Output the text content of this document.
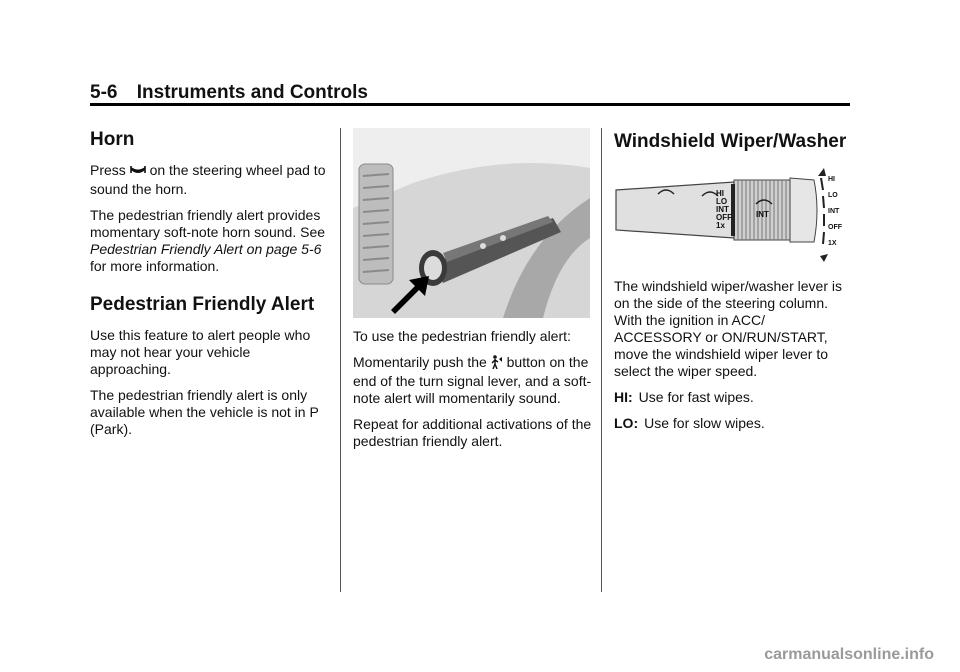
5-6 Instruments and Controls
Horn

Press on the steering wheel pad to sound the horn.

The pedestrian friendly alert provides momentary soft-note horn sound. See Pedestrian Friendly Alert on page 5-6 for more information.

Pedestrian Friendly Alert

Use this feature to alert people who may not hear your vehicle approaching.

The pedestrian friendly alert is only available when the vehicle is not in P (Park).

To use the pedestrian friendly alert:

Momentarily push the button on the end of the turn signal lever, and a soft-note alert will momentarily sound.

Repeat for additional activations of the pedestrian friendly alert.

Windshield Wiper/Washer
HI
LO
INT
OFF
1x
INT
HI
LO
INT
OFF
1X

The windshield wiper/washer lever is on the side of the steering column. With the ignition in ACC/ ACCESSORY or ON/RUN/START, move the windshield wiper lever to select the wiper speed.

HI: Use for fast wipes.
LO: Use for slow wipes.
carmanualsonline.info
